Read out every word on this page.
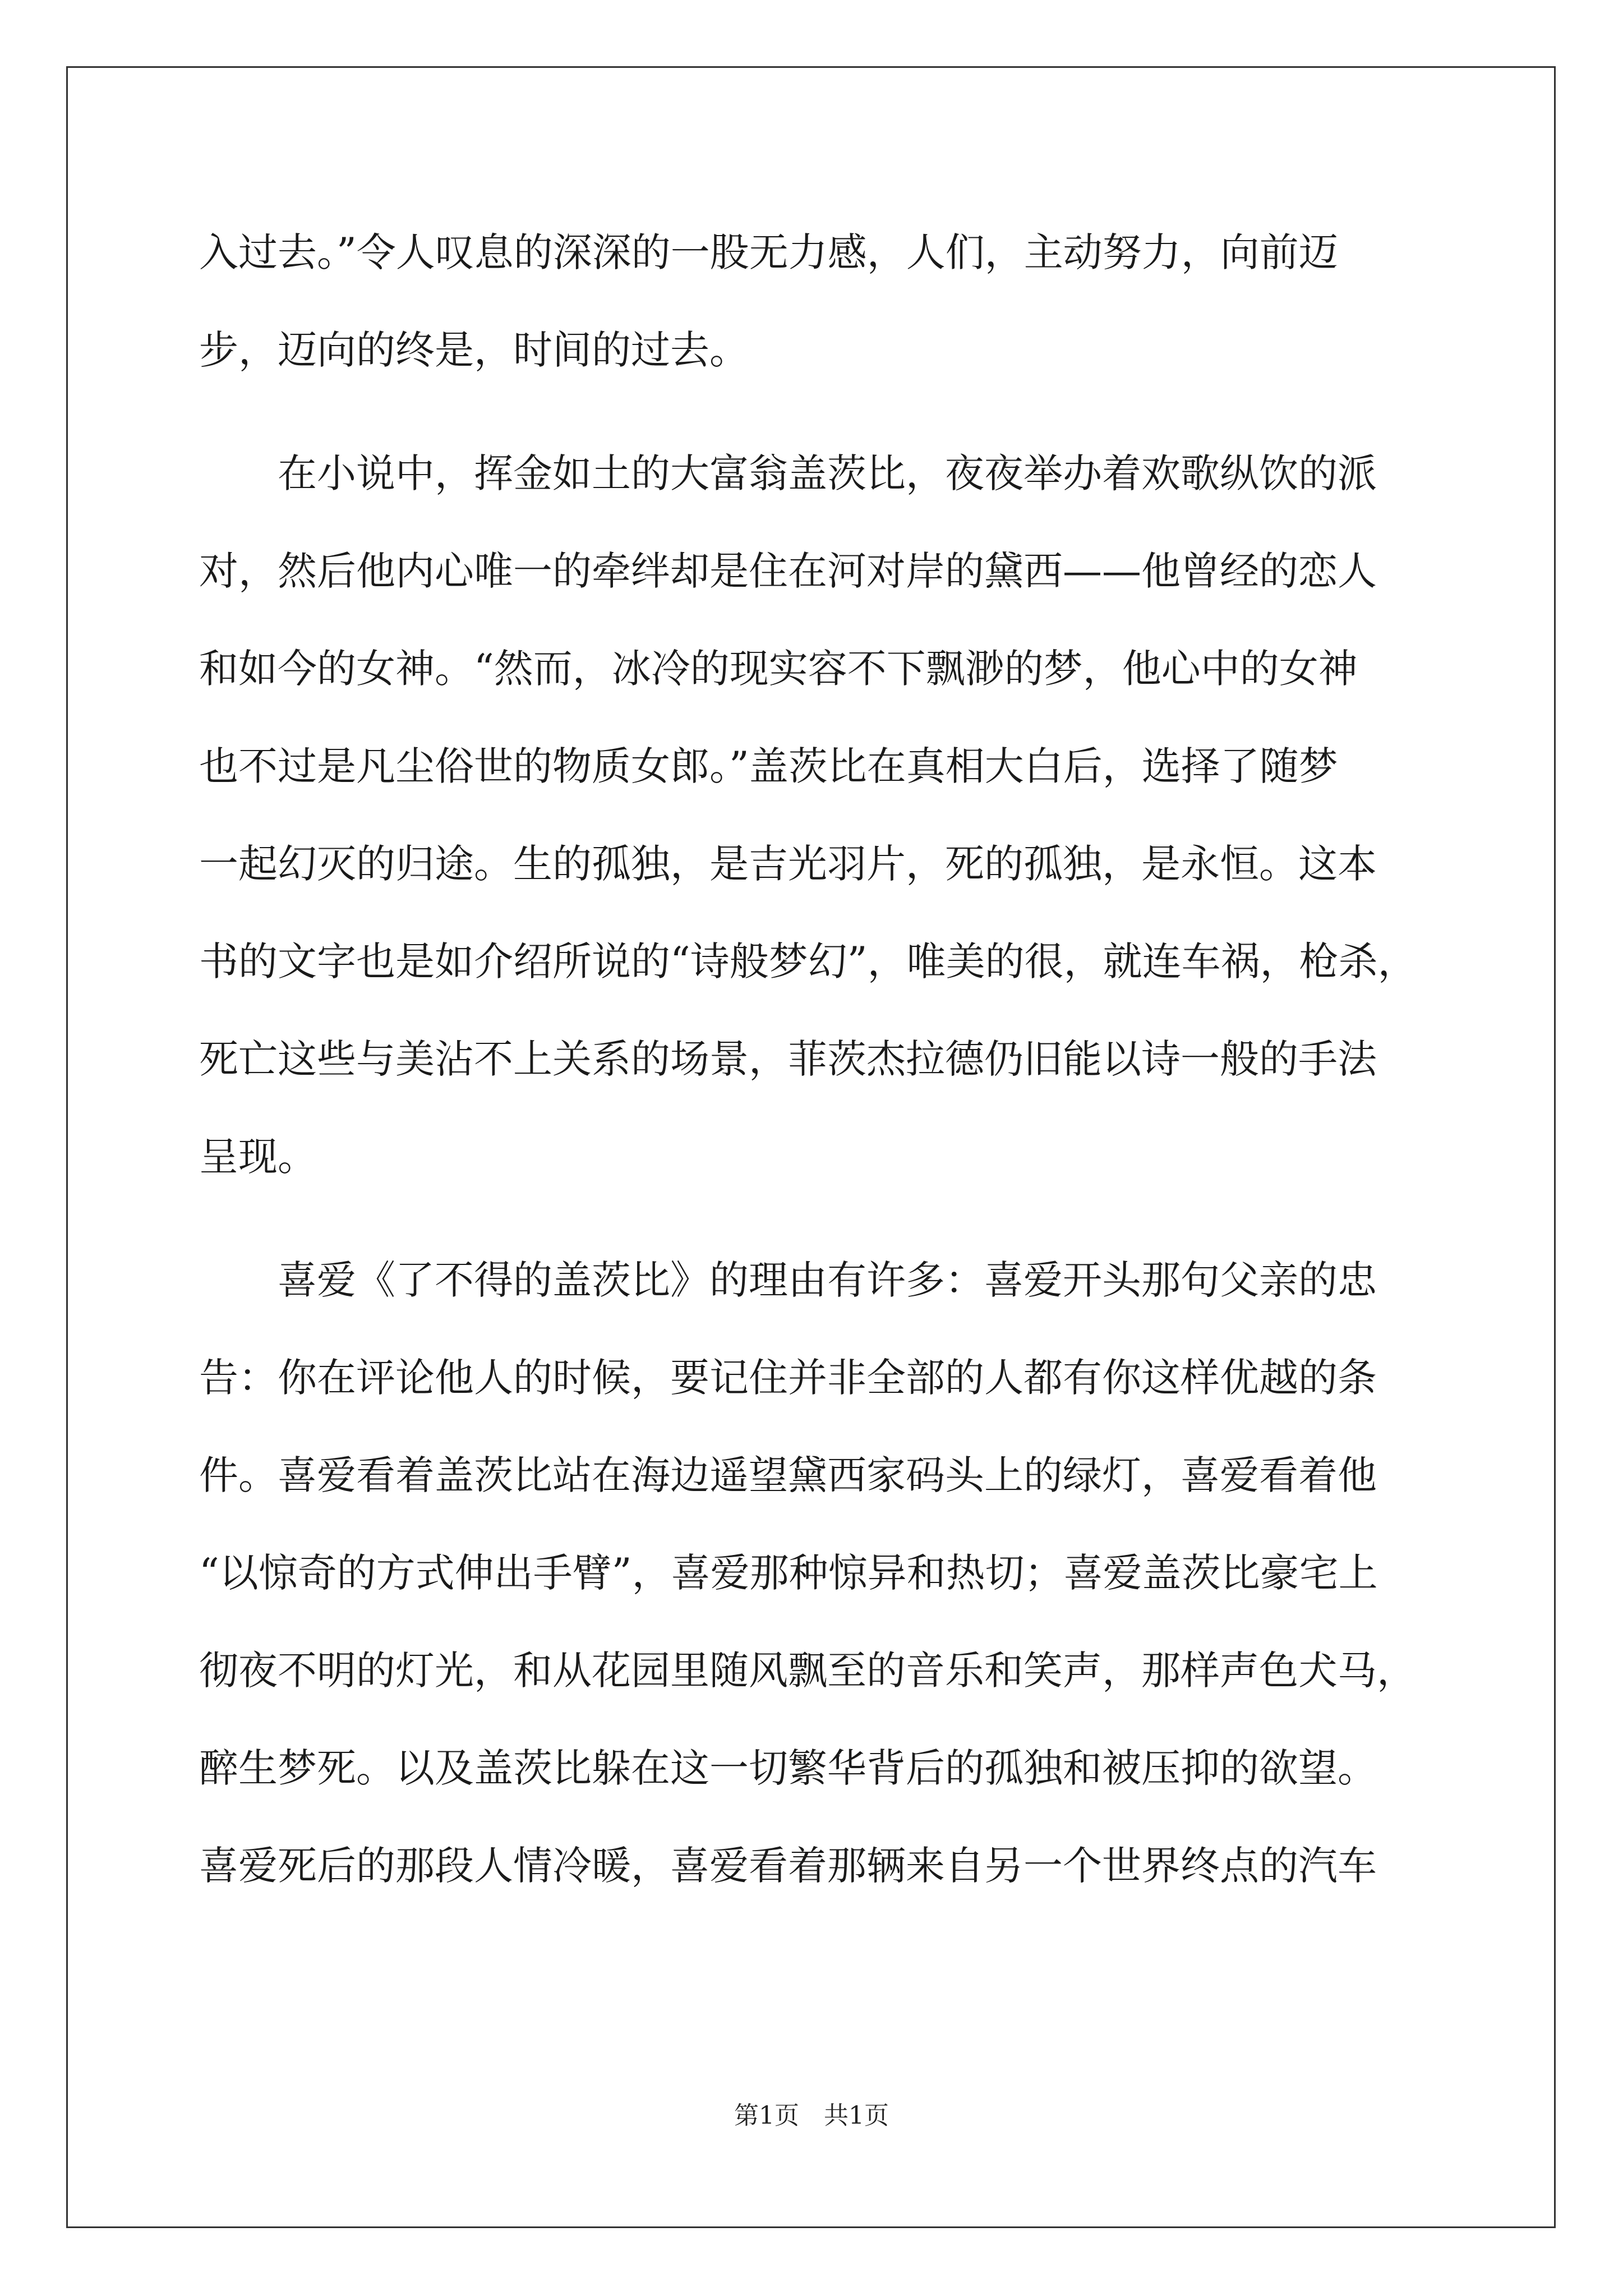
入过去。”令人叹息的深深的一股无力感，人们，主动努力，向前迈
步，迈向的终是，时间的过去。
在小说中，挥金如土的大富翁盖茨比，夜夜举办着欢歌纵饮的派
对，然后他内心唯一的牵绊却是住在河对岸的黛西——他曾经的恋人
和如今的女神。“然而，冰冷的现实容不下飘渺的梦，他心中的女神
也不过是凡尘俗世的物质女郎。”盖茨比在真相大白后，选择了随梦
一起幻灭的归途。生的孤独，是吉光羽片，死的孤独，是永恒。这本
书的文字也是如介绍所说的“诗般梦幻”，唯美的很，就连车祸，枪杀，
死亡这些与美沾不上关系的场景，菲茨杰拉德仍旧能以诗一般的手法
呈现。
喜爱《了不得的盖茨比》的理由有许多：喜爱开头那句父亲的忠
告：你在评论他人的时候，要记住并非全部的人都有你这样优越的条
件。喜爱看着盖茨比站在海边遥望黛西家码头上的绿灯，喜爱看着他
“以惊奇的方式伸出手臂”，喜爱那种惊异和热切；喜爱盖茨比豪宅上
彻夜不明的灯光，和从花园里随风飘至的音乐和笑声，那样声色犬马，
醉生梦死。以及盖茨比躲在这一切繁华背后的孤独和被压抑的欲望。
喜爱死后的那段人情冷暖，喜爱看着那辆来自另一个世界终点的汽车
第1页　共1页
